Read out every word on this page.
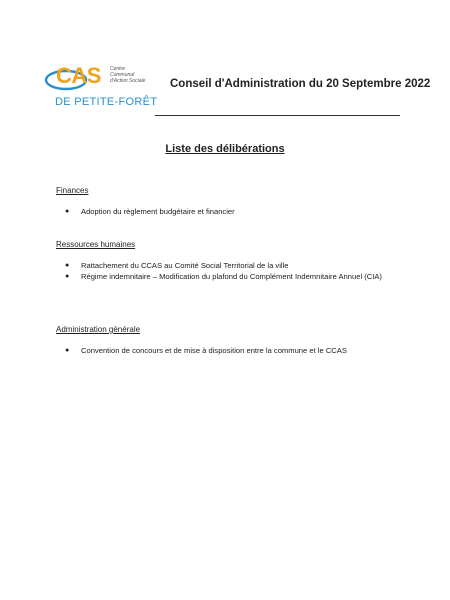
CAS Centre
Communal
d'Action Sociale
DE PETITE-FORÊT
Conseil d'Administration du 20 Septembre 2022
Liste des délibérations
Finances
● Adoption du règlement budgétaire et financier
Ressources humaines
● Rattachement du CCAS au Comité Social Territorial de la ville
● Régime indemnitaire – Modification du plafond du Complément Indemnitaire Annuel (CIA)
Administration générale
● Convention de concours et de mise à disposition entre la commune et le CCAS
